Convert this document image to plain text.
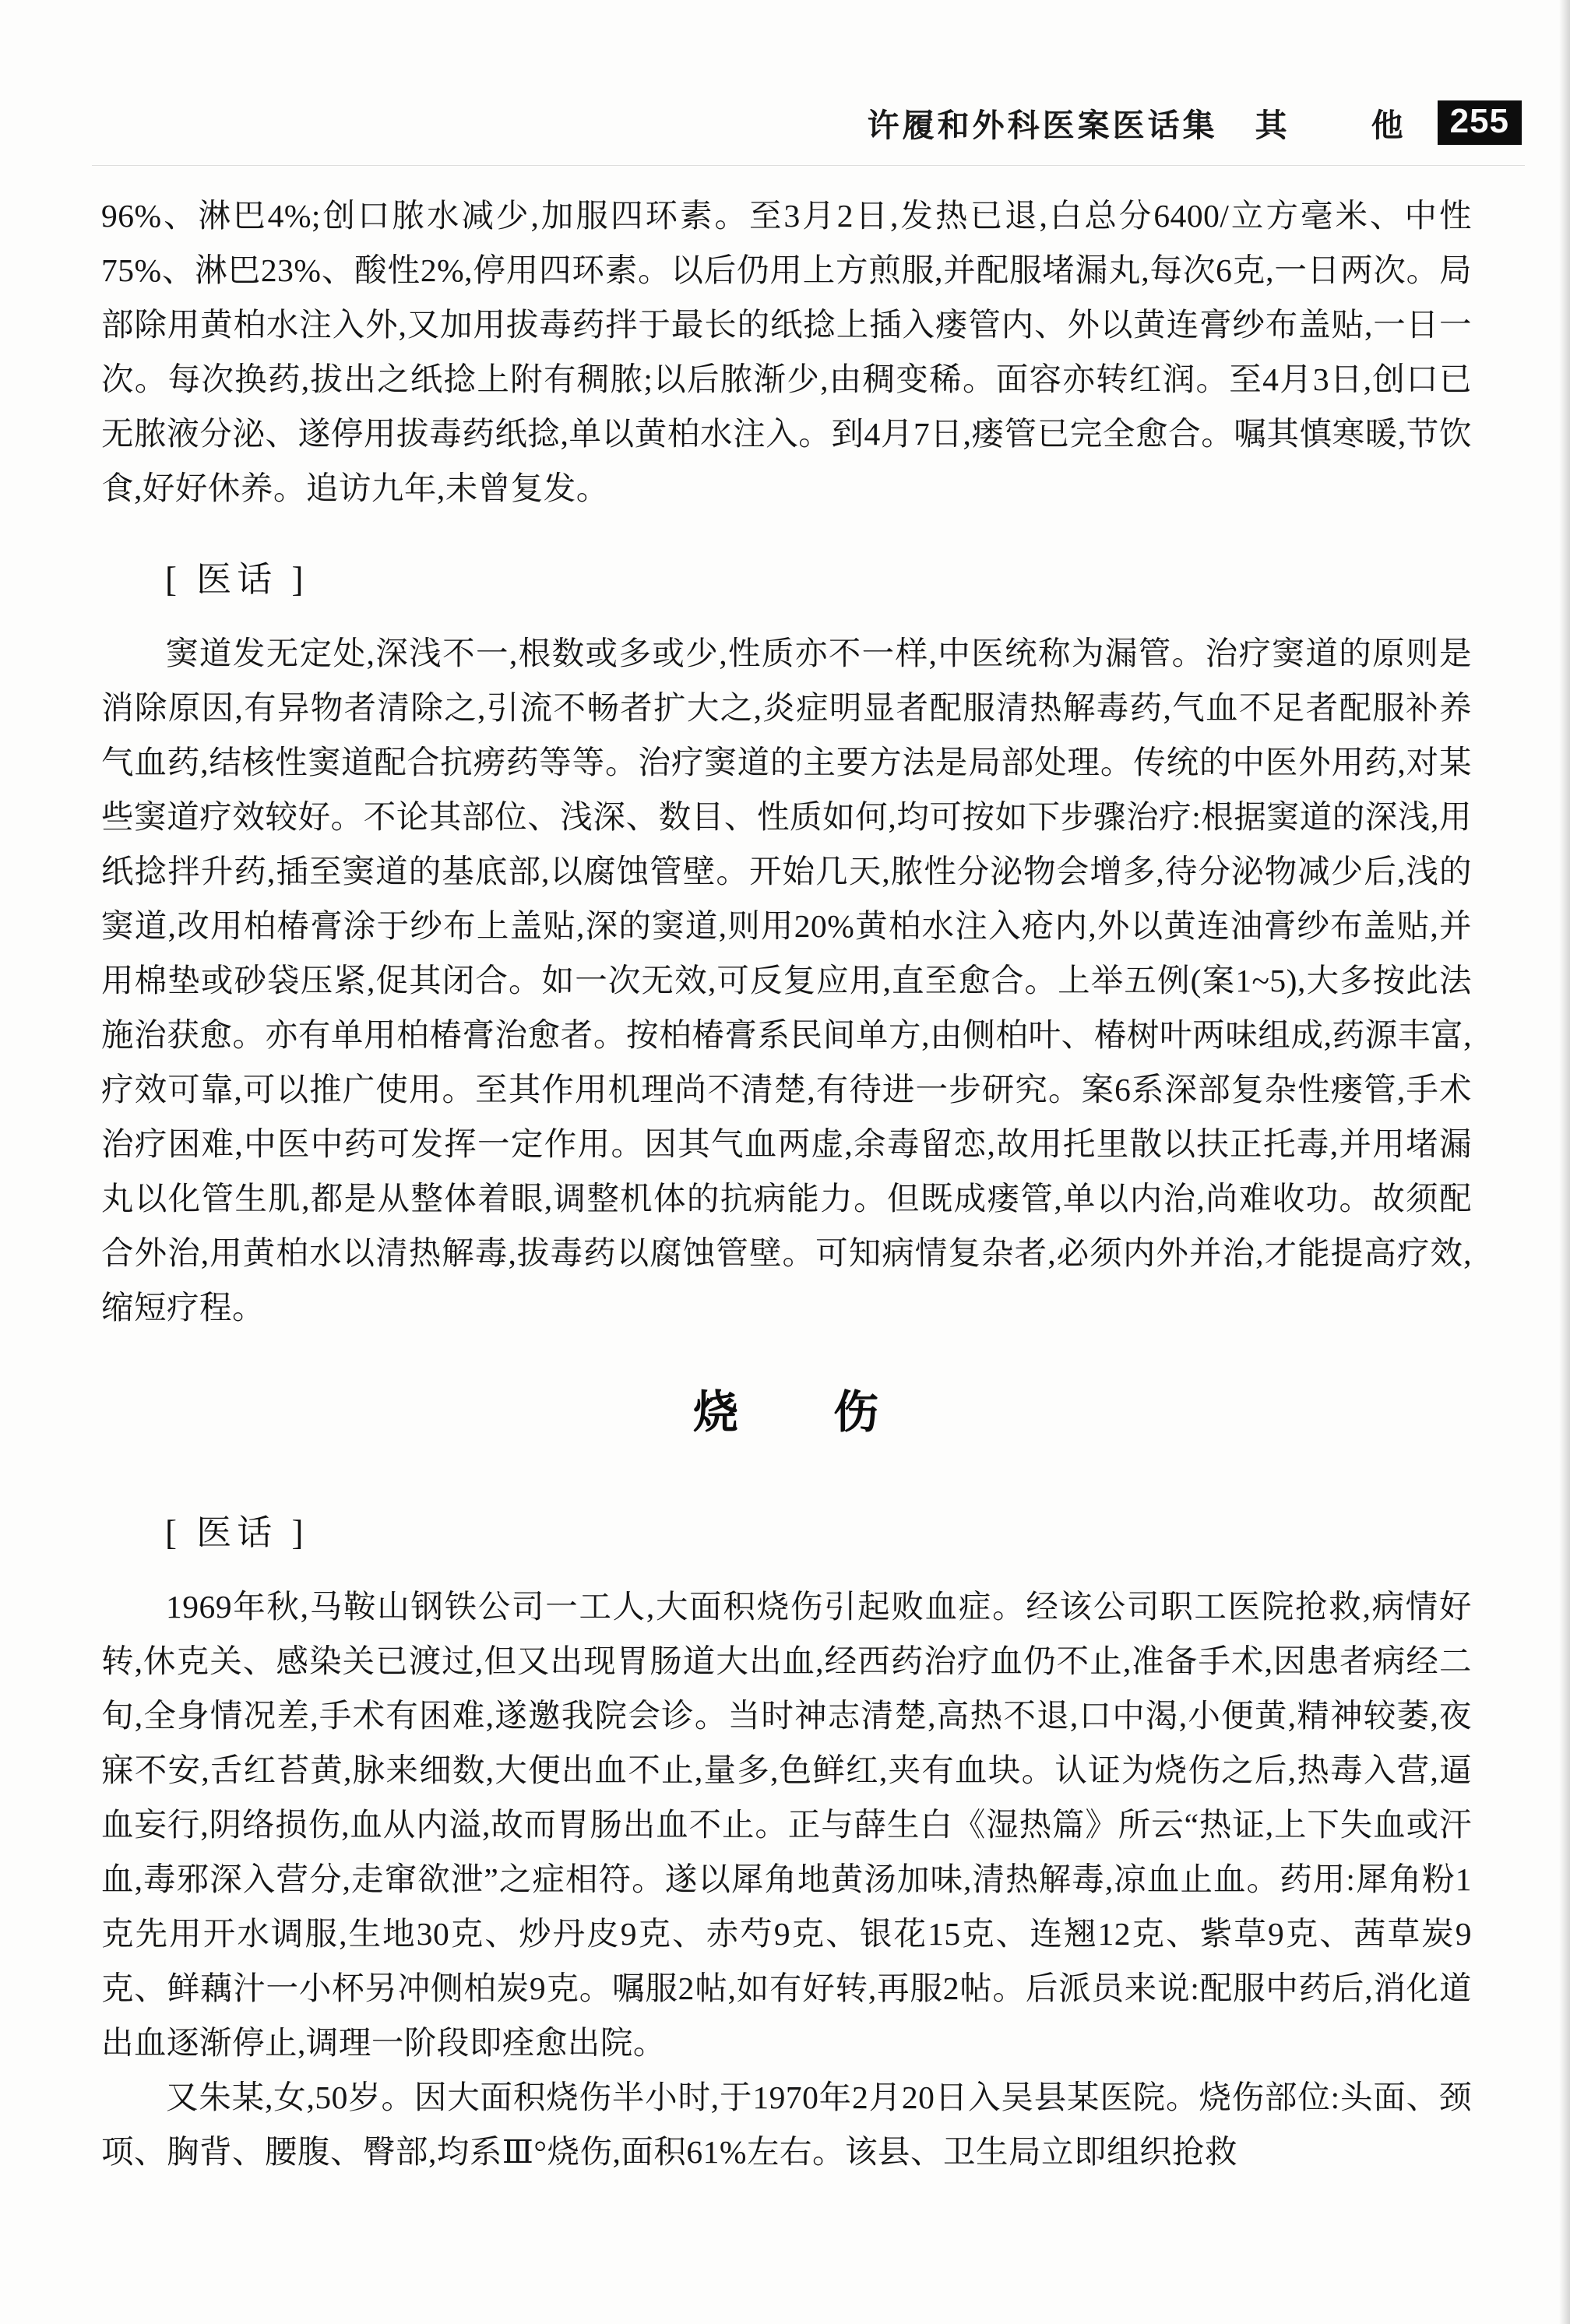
许履和外科医案医话集 其	他	255

96%、淋巴4%;创口脓水减少,加服四环素。至3月2日,发热已退,白总分6400/立方毫米、中性75%、淋巴23%、酸性2%,停用四环素。以后仍用上方煎服,并配服堵漏丸,每次6克,一日两次。局部除用黄柏水注入外,又加用拔毒药拌于最长的纸捻上插入瘘管内、外以黄连膏纱布盖贴,一日一次。每次换药,拔出之纸捻上附有稠脓;以后脓渐少,由稠变稀。面容亦转红润。至4月3日,创口已无脓液分泌、遂停用拔毒药纸捻,单以黄柏水注入。到4月7日,瘘管已完全愈合。嘱其慎寒暖,节饮食,好好休养。追访九年,未曾复发。

[ 医话 ]

窦道发无定处,深浅不一,根数或多或少,性质亦不一样,中医统称为漏管。治疗窦道的原则是消除原因,有异物者清除之,引流不畅者扩大之,炎症明显者配服清热解毒药,气血不足者配服补养气血药,结核性窦道配合抗痨药等等。治疗窦道的主要方法是局部处理。传统的中医外用药,对某些窦道疗效较好。不论其部位、浅深、数目、性质如何,均可按如下步骤治疗:根据窦道的深浅,用纸捻拌升药,插至窦道的基底部,以腐蚀管壁。开始几天,脓性分泌物会增多,待分泌物减少后,浅的窦道,改用柏椿膏涂于纱布上盖贴,深的窦道,则用20%黄柏水注入疮内,外以黄连油膏纱布盖贴,并用棉垫或砂袋压紧,促其闭合。如一次无效,可反复应用,直至愈合。上举五例(案1~5),大多按此法施治获愈。亦有单用柏椿膏治愈者。按柏椿膏系民间单方,由侧柏叶、椿树叶两味组成,药源丰富,疗效可靠,可以推广使用。至其作用机理尚不清楚,有待进一步研究。案6系深部复杂性瘘管,手术治疗困难,中医中药可发挥一定作用。因其气血两虚,余毒留恋,故用托里散以扶正托毒,并用堵漏丸以化管生肌,都是从整体着眼,调整机体的抗病能力。但既成瘘管,单以内治,尚难收功。故须配合外治,用黄柏水以清热解毒,拔毒药以腐蚀管壁。可知病情复杂者,必须内外并治,才能提高疗效,缩短疗程。

烧　　伤
[ 医话 ]

1969年秋,马鞍山钢铁公司一工人,大面积烧伤引起败血症。经该公司职工医院抢救,病情好转,休克关、感染关已渡过,但又出现胃肠道大出血,经西药治疗血仍不止,准备手术,因患者病经二旬,全身情况差,手术有困难,遂邀我院会诊。当时神志清楚,高热不退,口中渴,小便黄,精神较萎,夜寐不安,舌红苔黄,脉来细数,大便出血不止,量多,色鲜红,夹有血块。认证为烧伤之后,热毒入营,逼血妄行,阴络损伤,血从内溢,故而胃肠出血不止。正与薛生白《湿热篇》所云“热证,上下失血或汗血,毒邪深入营分,走窜欲泄”之症相符。遂以犀角地黄汤加味,清热解毒,凉血止血。药用:犀角粉1克先用开水调服,生地30克、炒丹皮9克、赤芍9克、银花15克、连翘12克、紫草9克、茜草炭9克、鲜藕汁一小杯另冲侧柏炭9克。嘱服2帖,如有好转,再服2帖。后派员来说:配服中药后,消化道出血逐渐停止,调理一阶段即痊愈出院。

又朱某,女,50岁。因大面积烧伤半小时,于1970年2月20日入吴县某医院。烧伤部位:头面、颈项、胸背、腰腹、臀部,均系Ⅲ°烧伤,面积61%左右。该县、卫生局立即组织抢救
